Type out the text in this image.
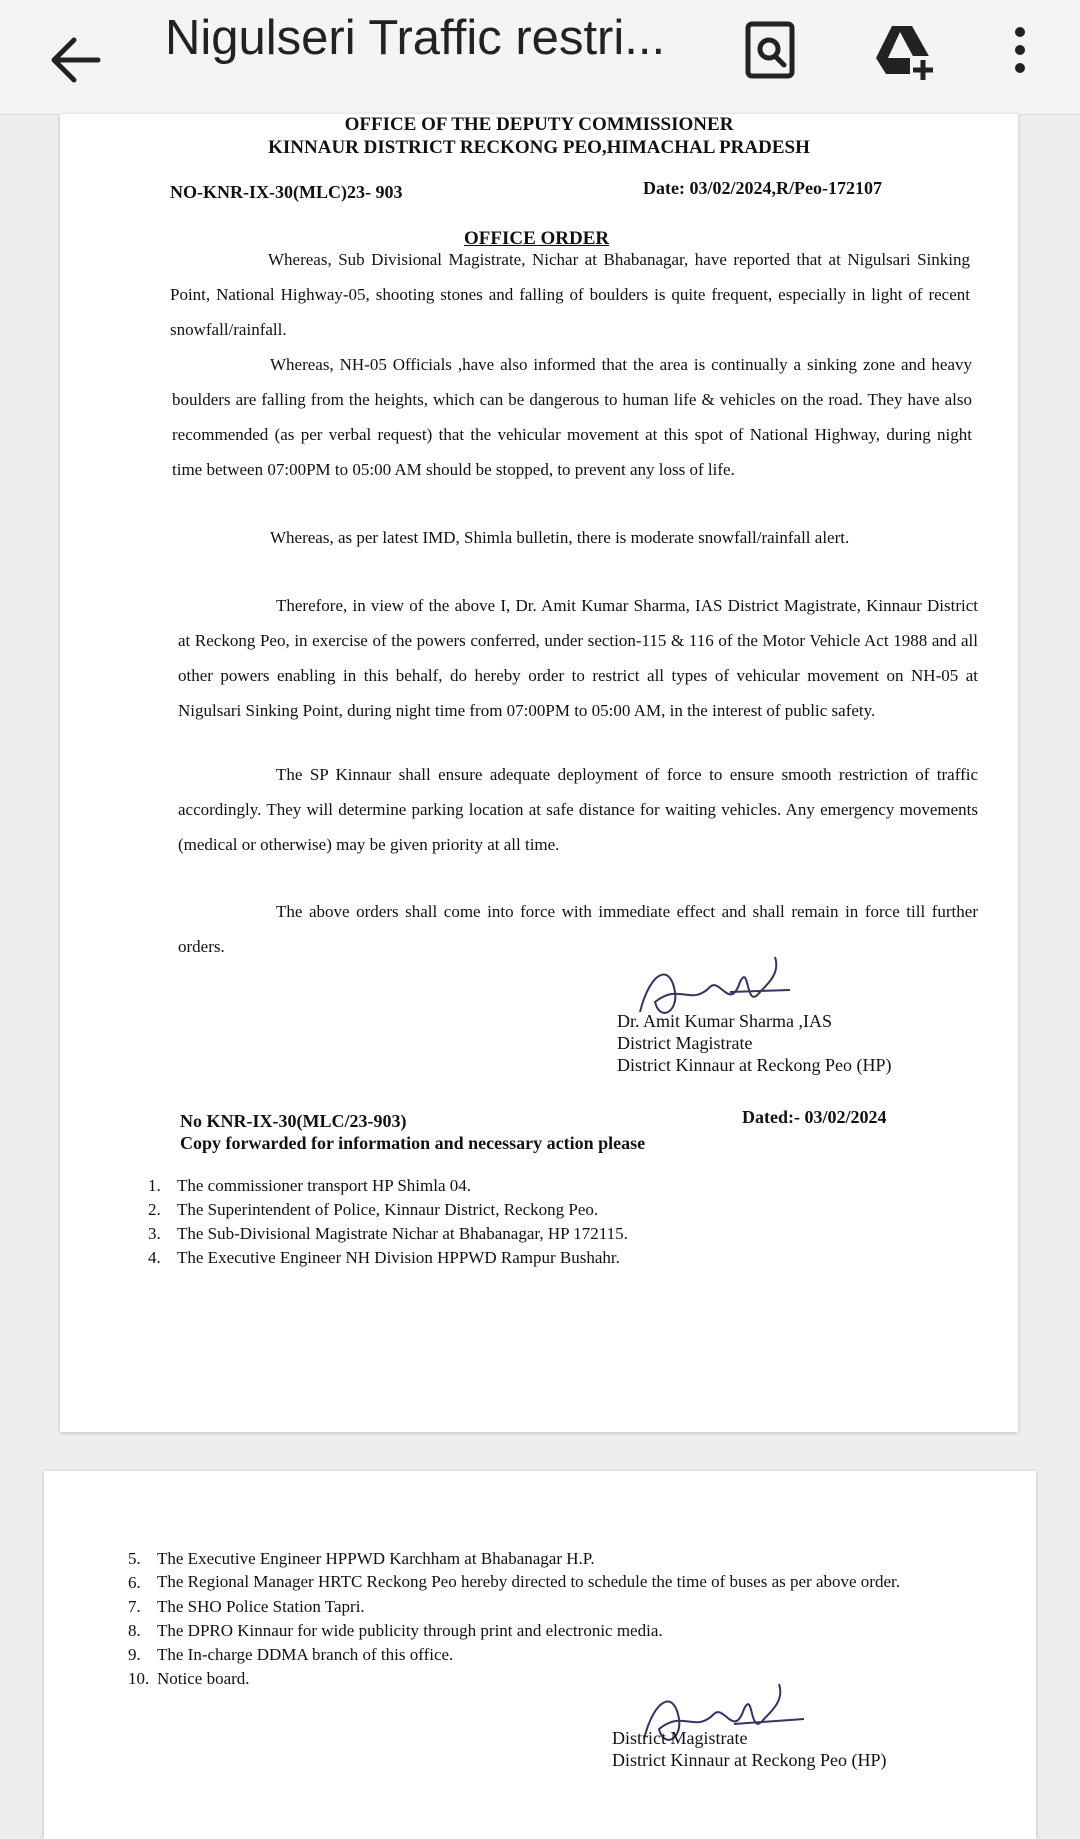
Nigulseri Traffic restri...
OFFICE OF THE DEPUTY COMMISSIONER
KINNAUR DISTRICT RECKONG PEO,HIMACHAL PRADESH
NO-KNR-IX-30(MLC)23- 903	Date: 03/02/2024,R/Peo-172107
OFFICE ORDER
Whereas, Sub Divisional Magistrate, Nichar at Bhabanagar, have reported that at Nigulsari Sinking Point, National Highway-05, shooting stones and falling of boulders is quite frequent, especially in light of recent snowfall/rainfall.
Whereas, NH-05 Officials ,have also informed that the area is continually a sinking zone and heavy boulders are falling from the heights, which can be dangerous to human life & vehicles on the road. They have also recommended (as per verbal request) that the vehicular movement at this spot of National Highway, during night time between 07:00PM to 05:00 AM should be stopped, to prevent any loss of life.
Whereas, as per latest IMD, Shimla bulletin, there is moderate snowfall/rainfall alert.
Therefore, in view of the above I, Dr. Amit Kumar Sharma, IAS District Magistrate, Kinnaur District at Reckong Peo, in exercise of the powers conferred, under section-115 & 116 of the Motor Vehicle Act 1988 and all other powers enabling in this behalf, do hereby order to restrict all types of vehicular movement on NH-05 at Nigulsari Sinking Point, during night time from 07:00PM to 05:00 AM, in the interest of public safety.
The SP Kinnaur shall ensure adequate deployment of force to ensure smooth restriction of traffic accordingly. They will determine parking location at safe distance for waiting vehicles. Any emergency movements (medical or otherwise) may be given priority at all time.
The above orders shall come into force with immediate effect and shall remain in force till further orders.
Dr. Amit Kumar Sharma ,IAS
District Magistrate
District Kinnaur at Reckong Peo (HP)
No KNR-IX-30(MLC/23-903)	Dated:- 03/02/2024
Copy forwarded for information and necessary action please
1. The commissioner transport HP Shimla 04.
2. The Superintendent of Police, Kinnaur District, Reckong Peo.
3. The Sub-Divisional Magistrate Nichar at Bhabanagar, HP 172115.
4. The Executive Engineer NH Division HPPWD Rampur Bushahr.
5. The Executive Engineer HPPWD Karchham at Bhabanagar H.P.
6. The Regional Manager HRTC Reckong Peo hereby directed to schedule the time of buses as per above order.
7. The SHO Police Station Tapri.
8. The DPRO Kinnaur for wide publicity through print and electronic media.
9. The In-charge DDMA branch of this office.
10. Notice board.
District Magistrate
District Kinnaur at Reckong Peo (HP)
